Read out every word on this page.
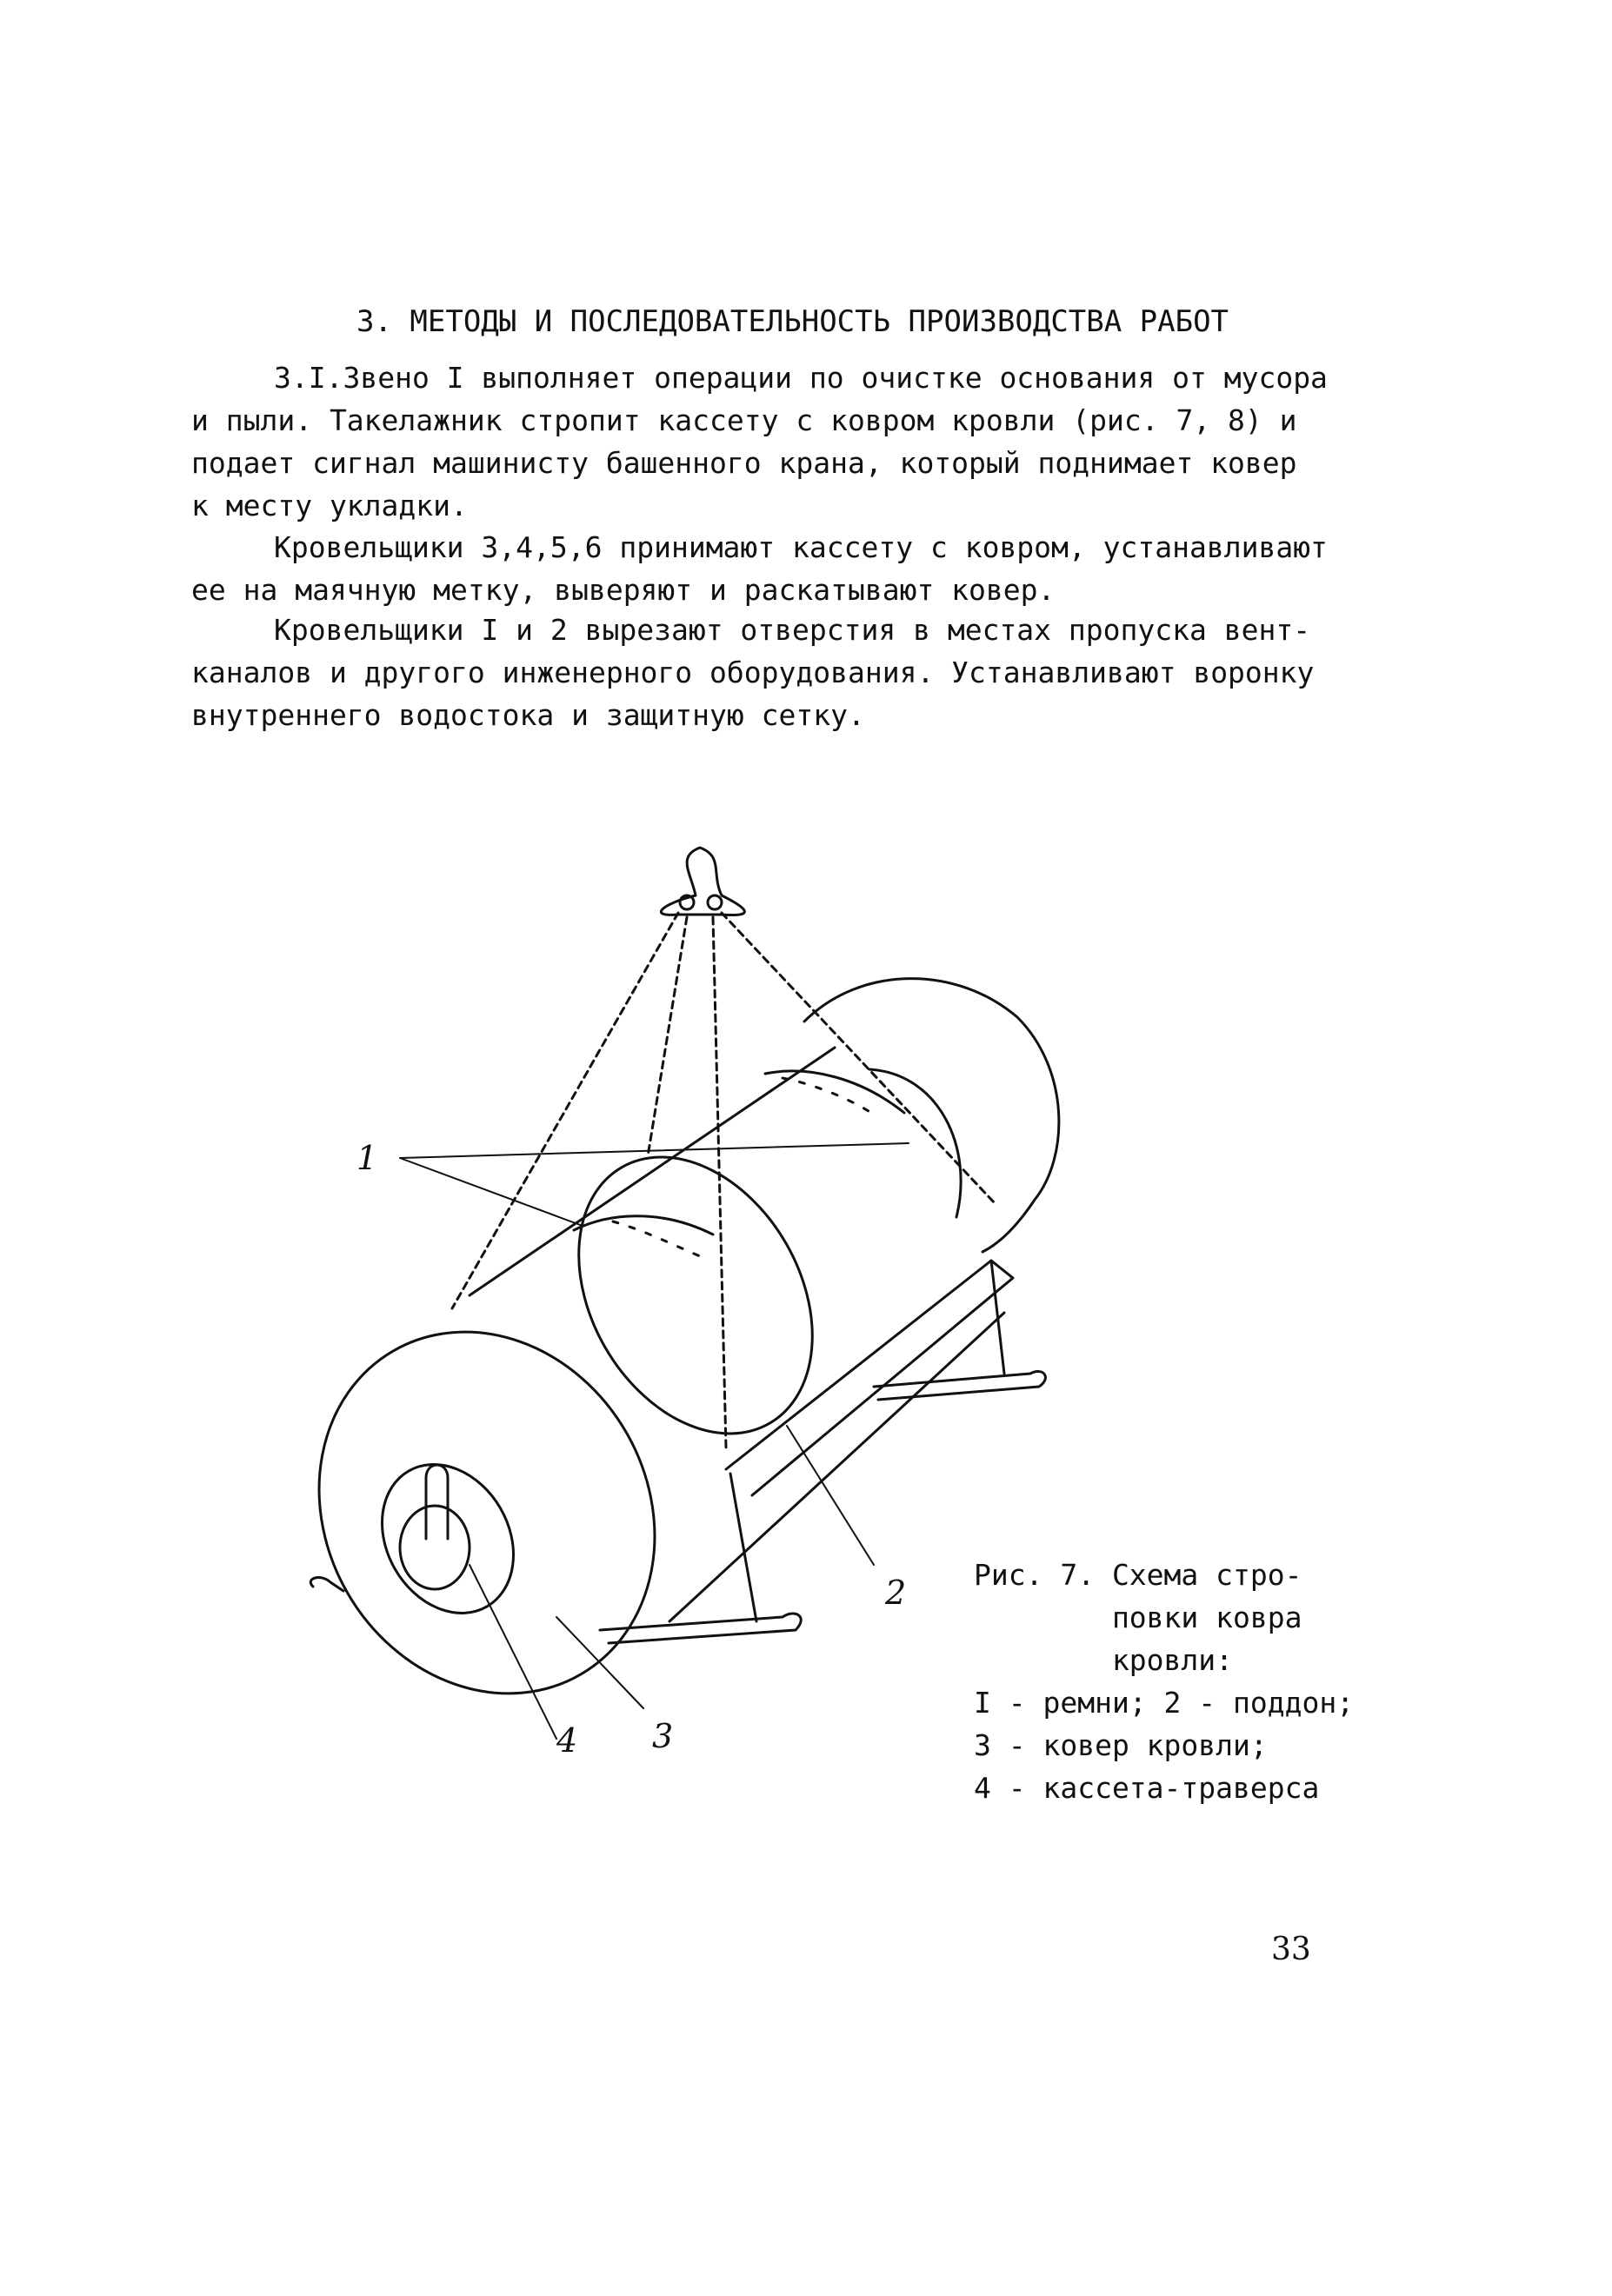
3. МЕТОДЫ И ПОСЛЕДОВАТЕЛЬНОСТЬ ПРОИЗВОДСТВА РАБОТ

3.I.Звено I выполняет операции по очистке основания от мусора
и пыли. Такелажник стропит кассету с ковром кровли (рис. 7, 8) и
подает сигнал машинисту башенного крана, который поднимает ковер
к месту укладки.

Кровельщики 3,4,5,6 принимают кассету с ковром, устанавливают
ее на маячную метку, выверяют и раскатывают ковер.

Кровельщики I и 2 вырезают отверстия в местах пропуска вент-
каналов и другого инженерного оборудования. Устанавливают воронку
внутреннего водостока и защитную сетку.

1
2
3
4
Рис. 7. Схема стро-
повки ковра
кровли:
I - ремни; 2 - поддон;
3 - ковер кровли;
4 - кассета-траверса
33
